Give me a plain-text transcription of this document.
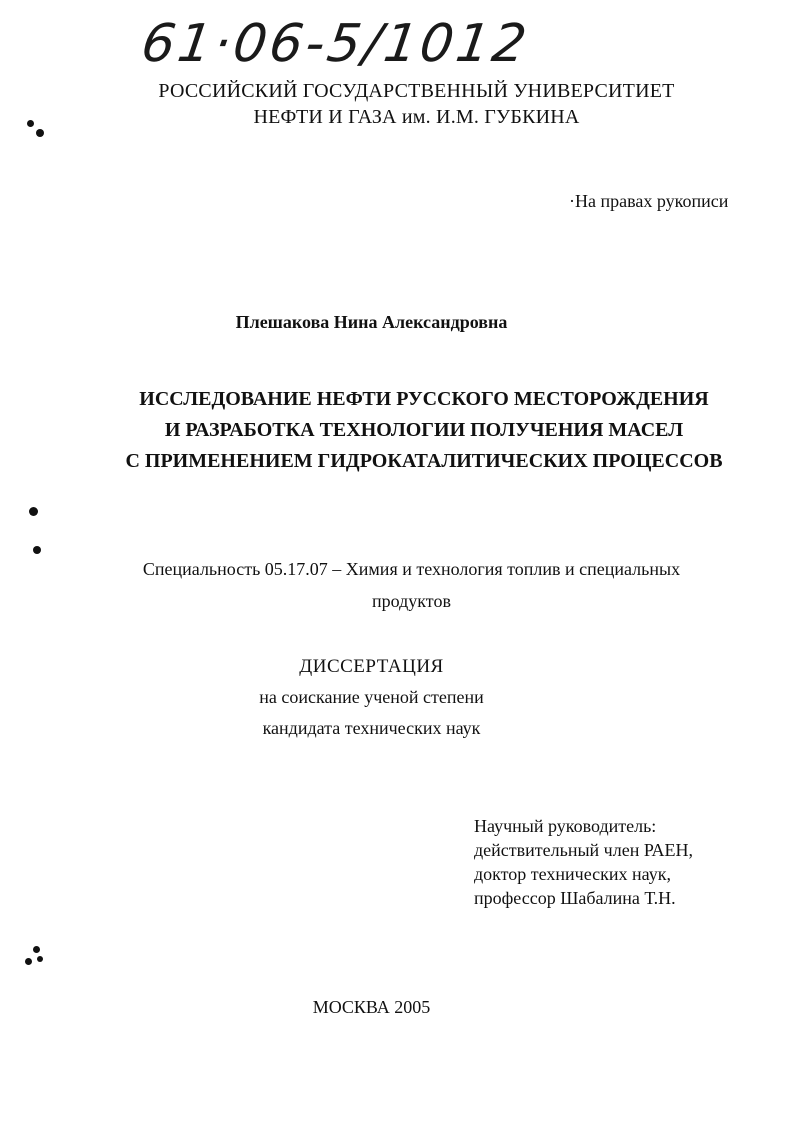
61·06-5/1012
РОССИЙСКИЙ ГОСУДАРСТВЕННЫЙ УНИВЕРСИТИЕТ
НЕФТИ И ГАЗА им. И.М. ГУБКИНА
·На правах рукописи
Плешакова Нина Александровна
ИССЛЕДОВАНИЕ НЕФТИ РУССКОГО МЕСТОРОЖДЕНИЯ
И РАЗРАБОТКА ТЕХНОЛОГИИ ПОЛУЧЕНИЯ МАСЕЛ
С ПРИМЕНЕНИЕМ ГИДРОКАТАЛИТИЧЕСКИХ ПРОЦЕССОВ
Специальность 05.17.07 – Химия и технология топлив и специальных
продуктов
ДИССЕРТАЦИЯ
на соискание ученой степени
кандидата технических наук
Научный руководитель:
действительный член РАЕН,
доктор технических наук,
профессор Шабалина Т.Н.
МОСКВА 2005
